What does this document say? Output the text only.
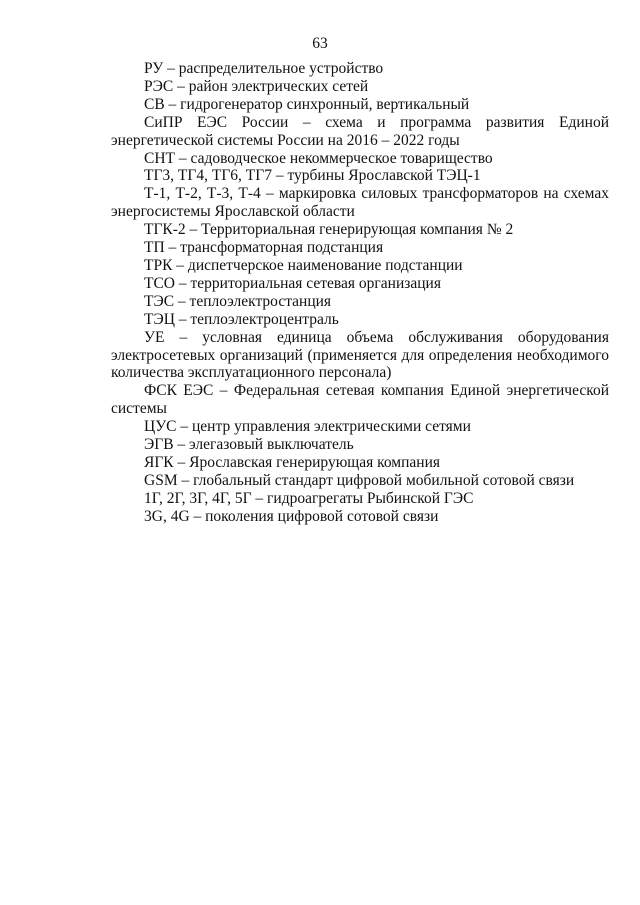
63

РУ – распределительное устройство

РЭС – район электрических сетей

СВ – гидрогенератор синхронный, вертикальный

СиПР ЕЭС России – схема и программа развития Единой энергетической системы России на 2016 – 2022 годы

СНТ – садоводческое некоммерческое товарищество

ТГ3, ТГ4, ТГ6, ТГ7 – турбины Ярославской ТЭЦ-1

Т-1, Т-2, Т-3, Т-4 – маркировка силовых трансформаторов на схемах энергосистемы Ярославской области

ТГК-2 – Территориальная генерирующая компания № 2

ТП – трансформаторная подстанция

ТРК – диспетчерское наименование подстанции

ТСО – территориальная сетевая организация

ТЭС – теплоэлектростанция

ТЭЦ – теплоэлектроцентраль

УЕ – условная единица объема обслуживания оборудования электросетевых организаций (применяется для определения необходимого количества эксплуатационного персонала)

ФСК ЕЭС – Федеральная сетевая компания Единой энергетической системы

ЦУС – центр управления электрическими сетями

ЭГВ – элегазовый выключатель

ЯГК – Ярославская генерирующая компания

GSM – глобальный стандарт цифровой мобильной сотовой связи

1Г, 2Г, 3Г, 4Г, 5Г – гидроагрегаты Рыбинской ГЭС

3G, 4G – поколения цифровой сотовой связи
